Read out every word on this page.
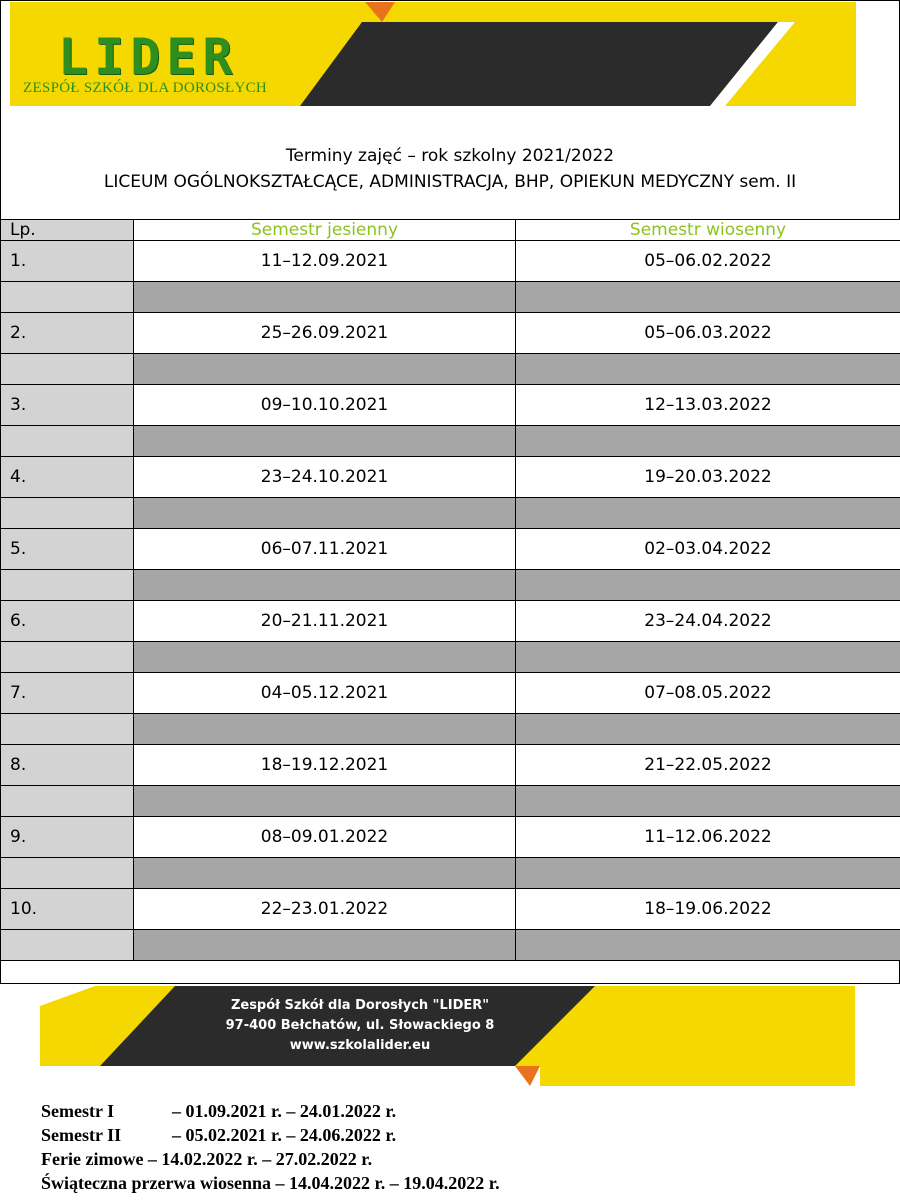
LIDER
ZESPÓŁ SZKÓŁ DLA DOROSŁYCH
Terminy zajęć – rok szkolny 2021/2022
LICEUM OGÓLNOKSZTAŁCĄCE, ADMINISTRACJA, BHP, OPIEKUN MEDYCZNY sem. II
Lp.	Semestr jesienny	Semestr wiosenny
1.	11–12.09.2021	05–06.02.2022

2.	25–26.09.2021	05–06.03.2022

3.	09–10.10.2021	12–13.03.2022

4.	23–24.10.2021	19–20.03.2022

5.	06–07.11.2021	02–03.04.2022

6.	20–21.11.2021	23–24.04.2022

7.	04–05.12.2021	07–08.05.2022

8.	18–19.12.2021	21–22.05.2022

9.	08–09.01.2022	11–12.06.2022

10.	22–23.01.2022	18–19.06.2022

Zespół Szkół dla Dorosłych "LIDER"
97-400 Bełchatów, ul. Słowackiego 8
www.szkolalider.eu
Semestr I	– 01.09.2021 r. – 24.01.2022 r.
Semestr II	– 05.02.2021 r. – 24.06.2022 r.
Ferie zimowe – 14.02.2022 r. – 27.02.2022 r.
Świąteczna przerwa wiosenna – 14.04.2022 r. – 19.04.2022 r.
